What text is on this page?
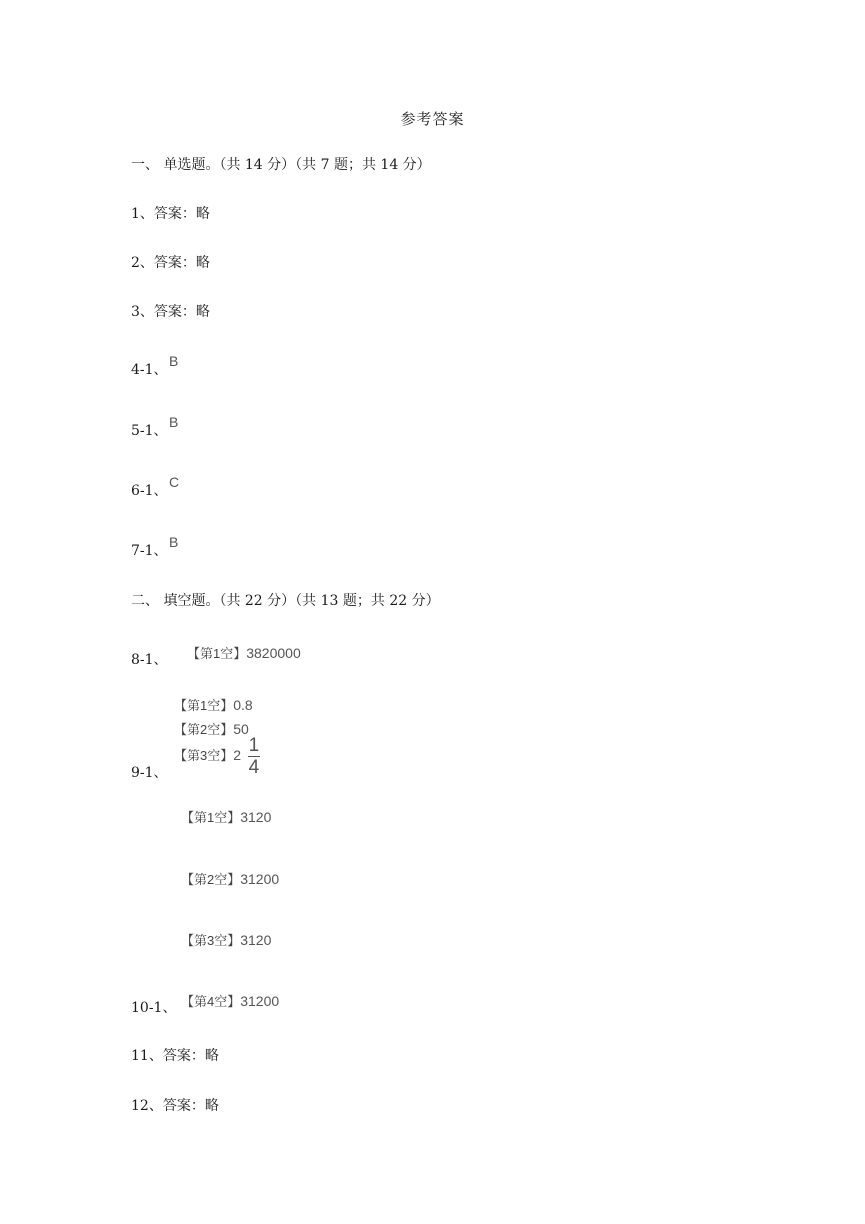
参考答案
一、 单选题。（共 14 分）（共 7 题；共 14 分）
1、答案：略
2、答案：略
3、答案：略
4-1、
B
5-1、
B
6-1、
C
7-1、
B
二、 填空题。（共 22 分）（共 13 题；共 22 分）
8-1、 【第1空】3820000
【第1空】0.8
【第2空】50
【第3空】$2 \frac{1}{4}$
9-1、
【第1空】3120
【第2空】31200
【第3空】3120
10-1、 【第4空】31200
11、答案：略
12、答案：略
